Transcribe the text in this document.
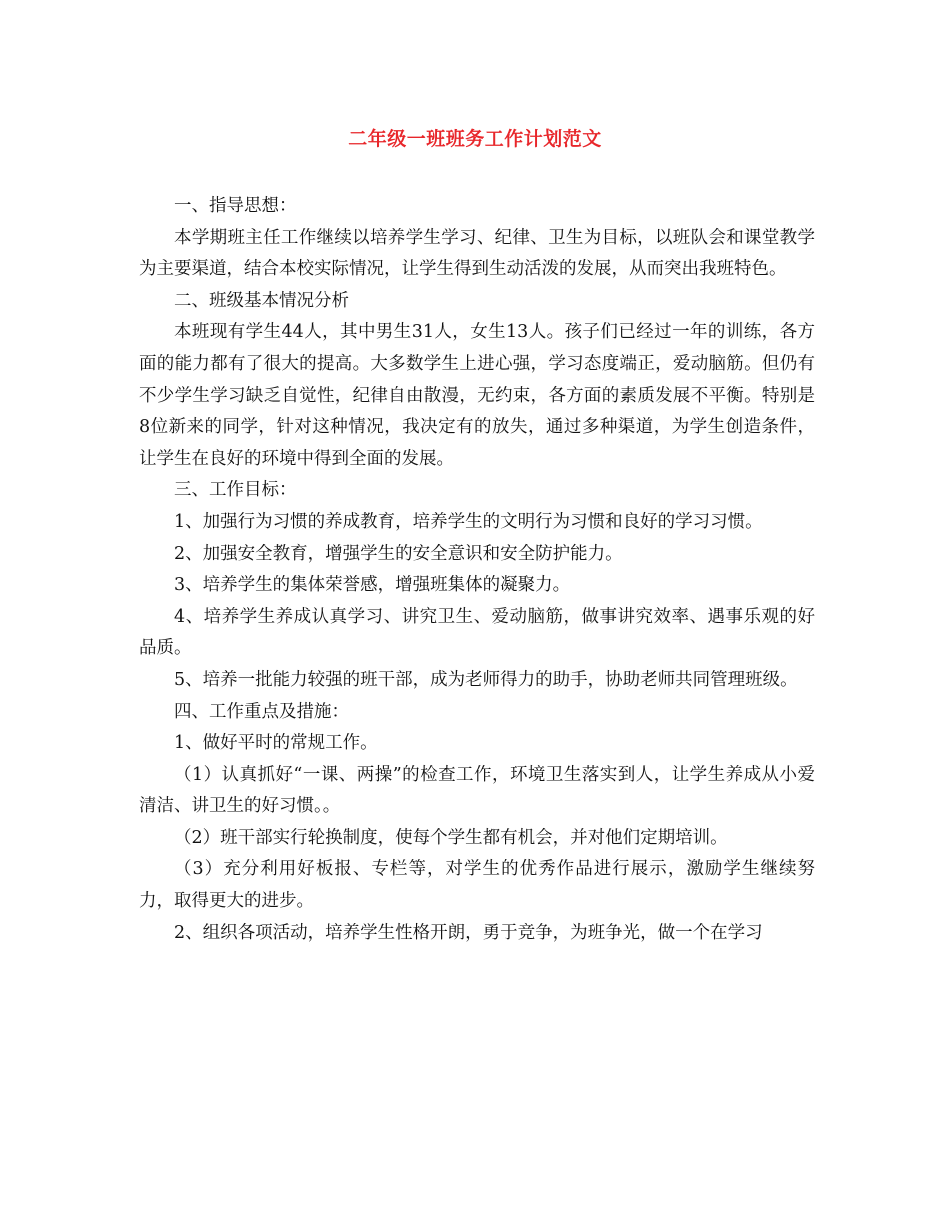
二年级一班班务工作计划范文

一、指导思想：

本学期班主任工作继续以培养学生学习、纪律、卫生为目标，以班队会和课堂教学为主要渠道，结合本校实际情况，让学生得到生动活泼的发展，从而突出我班特色。

二、班级基本情况分析

本班现有学生44人，其中男生31人，女生13人。孩子们已经过一年的训练，各方面的能力都有了很大的提高。大多数学生上进心强，学习态度端正，爱动脑筋。但仍有不少学生学习缺乏自觉性，纪律自由散漫，无约束，各方面的素质发展不平衡。特别是8位新来的同学，针对这种情况，我决定有的放失，通过多种渠道，为学生创造条件，让学生在良好的环境中得到全面的发展。

三、工作目标：

1、加强行为习惯的养成教育，培养学生的文明行为习惯和良好的学习习惯。

2、加强安全教育，增强学生的安全意识和安全防护能力。

3、培养学生的集体荣誉感，增强班集体的凝聚力。

4、培养学生养成认真学习、讲究卫生、爱动脑筋，做事讲究效率、遇事乐观的好品质。

5、培养一批能力较强的班干部，成为老师得力的助手，协助老师共同管理班级。

四、工作重点及措施：

1、做好平时的常规工作。

（1）认真抓好“一课、两操”的检查工作，环境卫生落实到人，让学生养成从小爱清洁、讲卫生的好习惯。。

（2）班干部实行轮换制度，使每个学生都有机会，并对他们定期培训。

（3）充分利用好板报、专栏等，对学生的优秀作品进行展示，激励学生继续努力，取得更大的进步。

2、组织各项活动，培养学生性格开朗，勇于竞争，为班争光，做一个在学习
